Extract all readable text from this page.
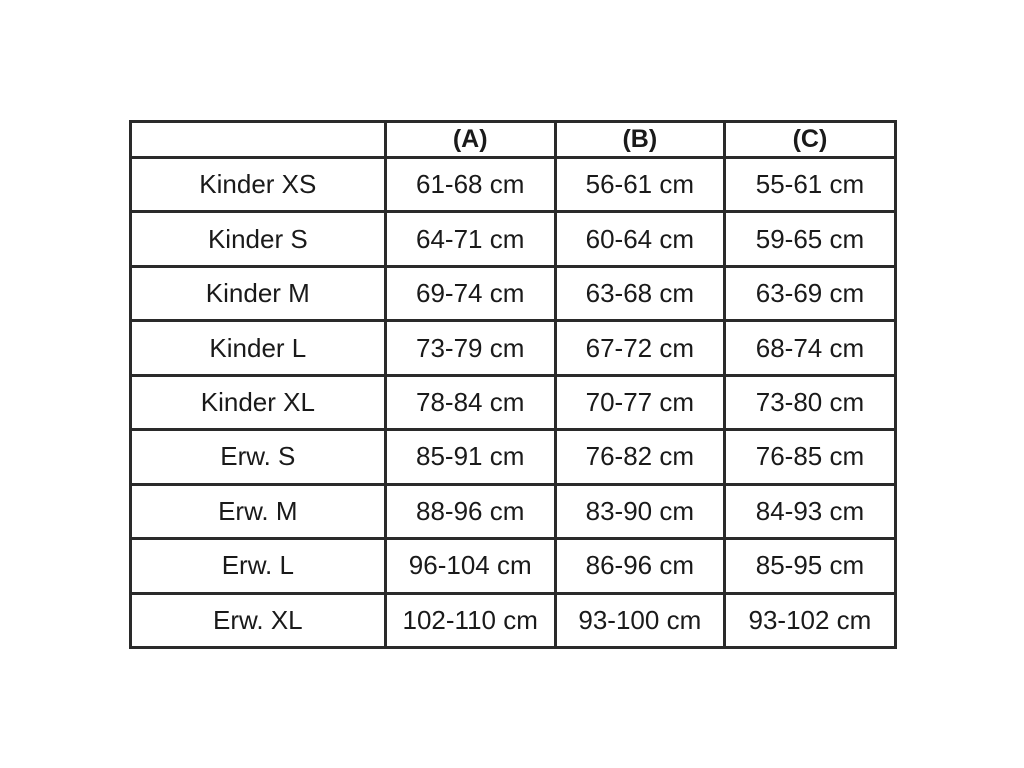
	(A)	(B)	(C)
Kinder XS	61-68 cm	56-61 cm	55-61 cm
Kinder S	64-71 cm	60-64 cm	59-65 cm
Kinder M	69-74 cm	63-68 cm	63-69 cm
Kinder L	73-79 cm	67-72 cm	68-74 cm
Kinder XL	78-84 cm	70-77 cm	73-80 cm
Erw. S	85-91 cm	76-82 cm	76-85 cm
Erw. M	88-96 cm	83-90 cm	84-93 cm
Erw. L	96-104 cm	86-96 cm	85-95 cm
Erw. XL	102-110 cm	93-100 cm	93-102 cm
